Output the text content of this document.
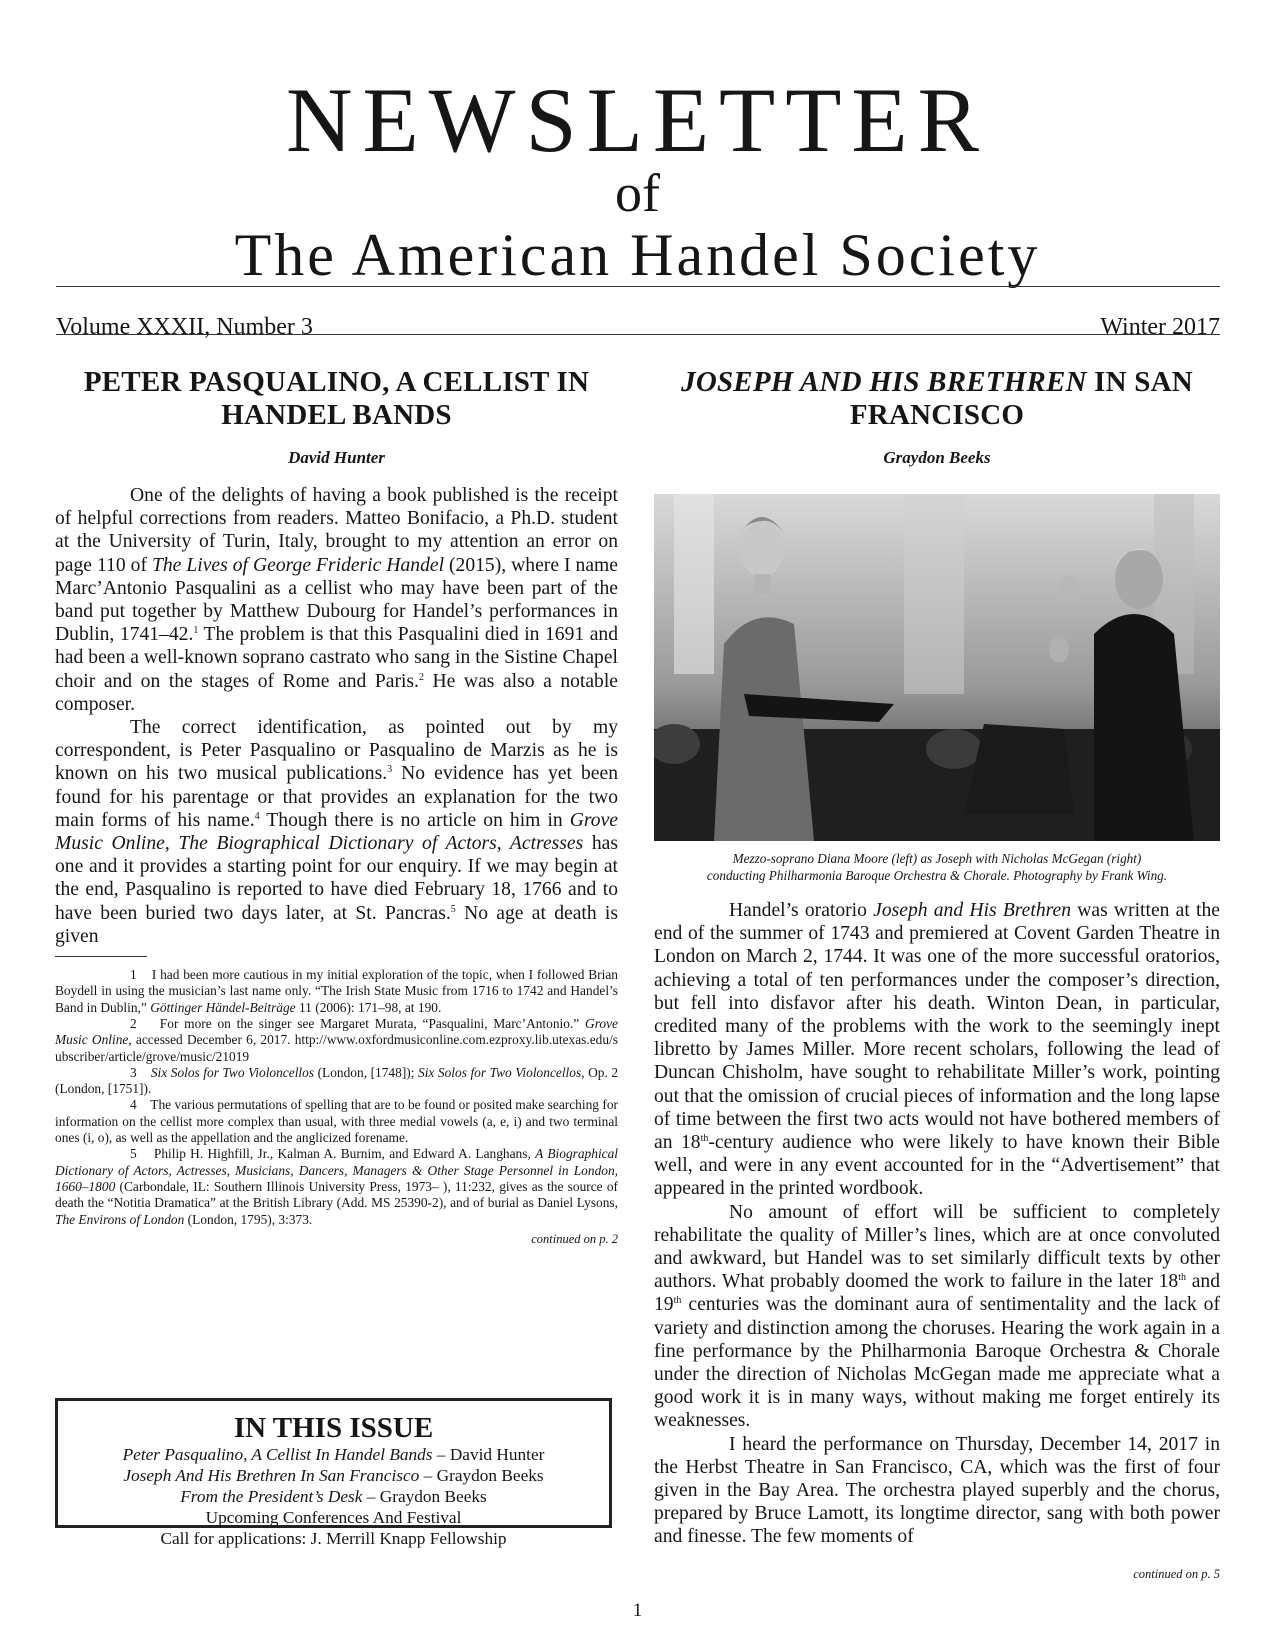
NEWSLETTER
of
The American Handel Society
Volume XXXII, Number 3	Winter 2017
PETER PASQUALINO, A CELLIST IN
HANDEL BANDS
David Hunter

One of the delights of having a book published is the receipt of helpful corrections from readers. Matteo Bonifacio, a Ph.D. student at the University of Turin, Italy, brought to my attention an error on page 110 of The Lives of George Frideric Handel (2015), where I name Marc’Antonio Pasqualini as a cellist who may have been part of the band put together by Matthew Dubourg for Handel’s performances in Dublin, 1741–42.$^1$ The problem is that this Pasqualini died in 1691 and had been a well-known soprano castrato who sang in the Sistine Chapel choir and on the stages of Rome and Paris.$^2$ He was also a notable composer.

The correct identification, as pointed out by my correspondent, is Peter Pasqualino or Pasqualino de Marzis as he is known on his two musical publications.$^3$ No evidence has yet been found for his parentage or that provides an explanation for the two main forms of his name.$^4$ Though there is no article on him in Grove Music Online, The Biographical Dictionary of Actors, Actresses has one and it provides a starting point for our enquiry. If we may begin at the end, Pasqualino is reported to have died February 18, 1766 and to have been buried two days later, at St. Pancras.$^5$ No age at death is given

1 I had been more cautious in my initial exploration of the topic, when I followed Brian Boydell in using the musician’s last name only. “The Irish State Music from 1716 to 1742 and Handel’s Band in Dublin,” Göttinger Händel-Beiträge 11 (2006): 171–98, at 190.

2 For more on the singer see Margaret Murata, “Pasqualini, Marc’Antonio.” Grove Music Online, accessed December 6, 2017. http://www.oxfordmusiconline.com.ezproxy.lib.utexas.edu/subscriber/article/grove/music/21019

3 Six Solos for Two Violoncellos (London, [1748]); Six Solos for Two Violoncellos, Op. 2 (London, [1751]).

4 The various permutations of spelling that are to be found or posited make searching for information on the cellist more complex than usual, with three medial vowels (a, e, i) and two terminal ones (i, o), as well as the appellation and the anglicized forename.

5 Philip H. Highfill, Jr., Kalman A. Burnim, and Edward A. Langhans, A Biographical Dictionary of Actors, Actresses, Musicians, Dancers, Managers & Other Stage Personnel in London, 1660–1800 (Carbondale, IL: Southern Illinois University Press, 1973– ), 11:232, gives as the source of death the “Notitia Dramatica” at the British Library (Add. MS 25390-2), and of burial as Daniel Lysons, The Environs of London (London, 1795), 3:373.

continued on p. 2
IN THIS ISSUE
Peter Pasqualino, A Cellist In Handel Bands – David Hunter
Joseph And His Brethren In San Francisco – Graydon Beeks
From the President’s Desk – Graydon Beeks
Upcoming Conferences And Festival
Call for applications: J. Merrill Knapp Fellowship
JOSEPH AND HIS BRETHREN IN SAN
FRANCISCO
Graydon Beeks
Mezzo-soprano Diana Moore (left) as Joseph with Nicholas McGegan (right)
conducting Philharmonia Baroque Orchestra & Chorale. Photography by Frank Wing.

Handel’s oratorio Joseph and His Brethren was written at the end of the summer of 1743 and premiered at Covent Garden Theatre in London on March 2, 1744. It was one of the more successful oratorios, achieving a total of ten performances under the composer’s direction, but fell into disfavor after his death. Winton Dean, in particular, credited many of the problems with the work to the seemingly inept libretto by James Miller. More recent scholars, following the lead of Duncan Chisholm, have sought to rehabilitate Miller’s work, pointing out that the omission of crucial pieces of information and the long lapse of time between the first two acts would not have bothered members of an 18th-century audience who were likely to have known their Bible well, and were in any event accounted for in the “Advertisement” that appeared in the printed wordbook.

No amount of effort will be sufficient to completely rehabilitate the quality of Miller’s lines, which are at once convoluted and awkward, but Handel was to set similarly difficult texts by other authors. What probably doomed the work to failure in the later 18th and 19th centuries was the dominant aura of sentimentality and the lack of variety and distinction among the choruses. Hearing the work again in a fine performance by the Philharmonia Baroque Orchestra & Chorale under the direction of Nicholas McGegan made me appreciate what a good work it is in many ways, without making me forget entirely its weaknesses.

I heard the performance on Thursday, December 14, 2017 in the Herbst Theatre in San Francisco, CA, which was the first of four given in the Bay Area. The orchestra played superbly and the chorus, prepared by Bruce Lamott, its longtime director, sang with both power and finesse. The few moments of

continued on p. 5
1
